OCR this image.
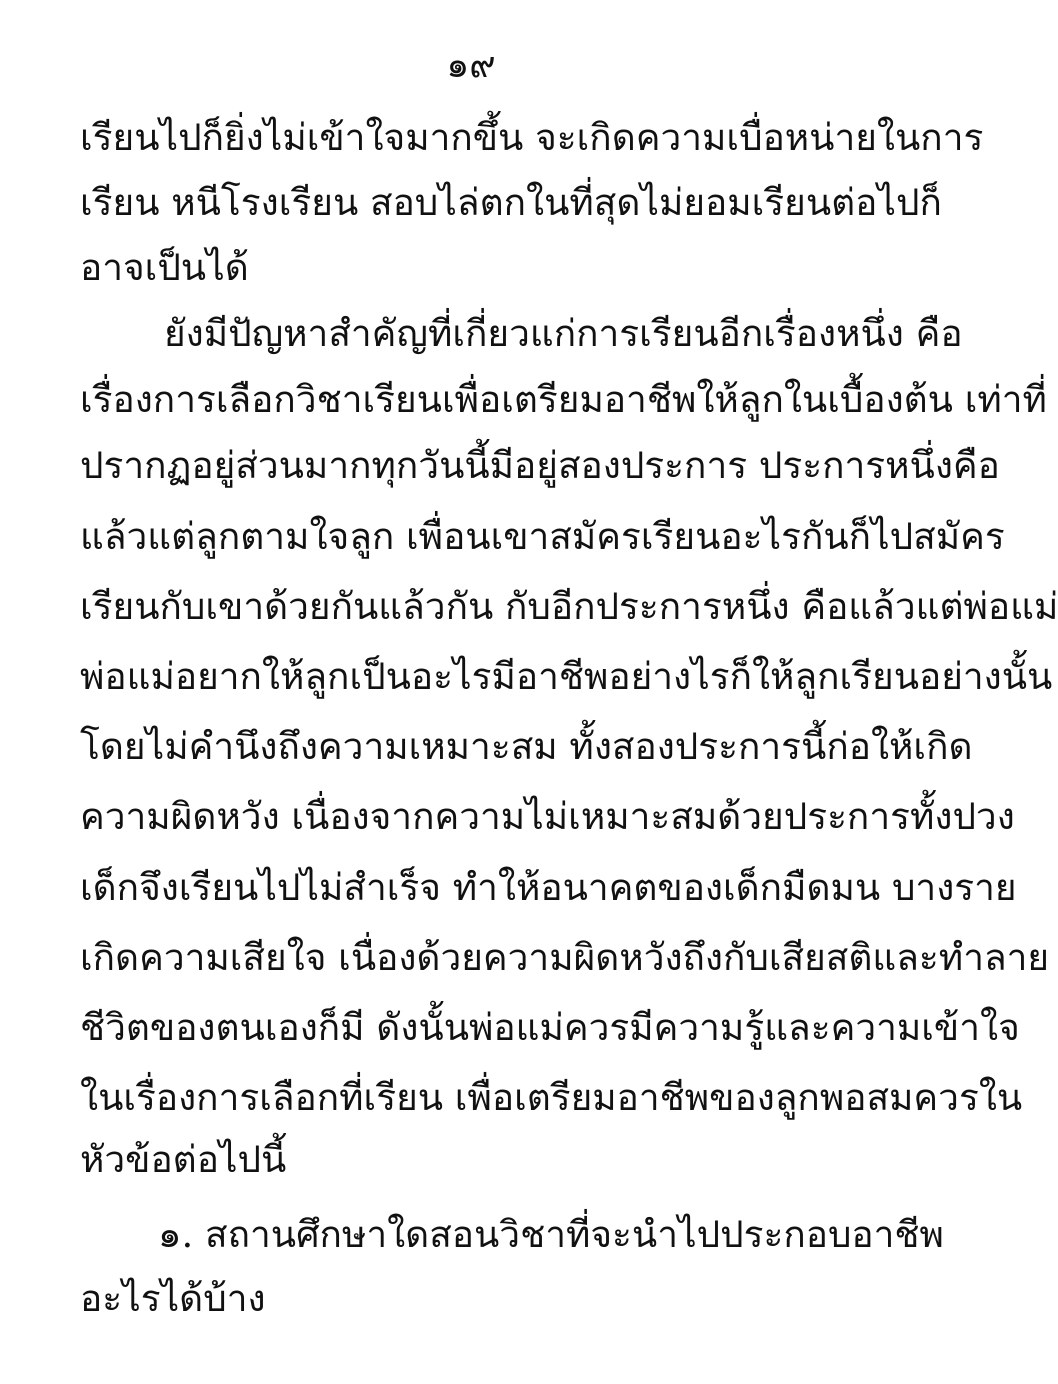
๑๙
เรียนไปก็ยิ่งไม่เข้าใจมากขึ้น จะเกิดความเบื่อหน่ายในการ
เรียน หนีโรงเรียน สอบไล่ตกในที่สุดไม่ยอมเรียนต่อไปก็
อาจเป็นได้
ยังมีปัญหาสำคัญที่เกี่ยวแก่การเรียนอีกเรื่องหนึ่ง คือ
เรื่องการเลือกวิชาเรียนเพื่อเตรียมอาชีพให้ลูกในเบื้องต้น เท่าที่
ปรากฏอยู่ส่วนมากทุกวันนี้มีอยู่สองประการ ประการหนึ่งคือ
แล้วแต่ลูกตามใจลูก เพื่อนเขาสมัครเรียนอะไรกันก็ไปสมัคร
เรียนกับเขาด้วยกันแล้วกัน กับอีกประการหนึ่ง คือแล้วแต่พ่อแม่
พ่อแม่อยากให้ลูกเป็นอะไรมีอาชีพอย่างไรก็ให้ลูกเรียนอย่างนั้น
โดยไม่คำนึงถึงความเหมาะสม ทั้งสองประการนี้ก่อให้เกิด
ความผิดหวัง เนื่องจากความไม่เหมาะสมด้วยประการทั้งปวง
เด็กจึงเรียนไปไม่สำเร็จ ทำให้อนาคตของเด็กมืดมน บางราย
เกิดความเสียใจ เนื่องด้วยความผิดหวังถึงกับเสียสติและทำลาย
ชีวิตของตนเองก็มี ดังนั้นพ่อแม่ควรมีความรู้และความเข้าใจ
ในเรื่องการเลือกที่เรียน เพื่อเตรียมอาชีพของลูกพอสมควรใน
หัวข้อต่อไปนี้
๑. สถานศึกษาใดสอนวิชาที่จะนำไปประกอบอาชีพ
อะไรได้บ้าง
